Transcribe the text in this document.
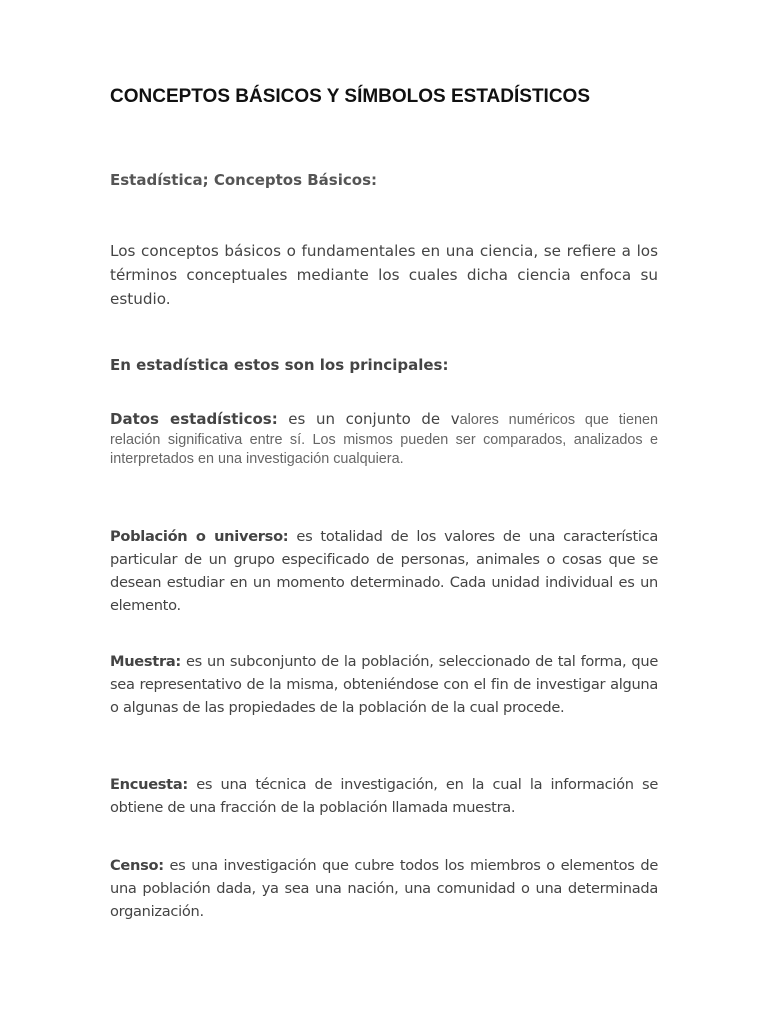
CONCEPTOS BÁSICOS Y SÍMBOLOS ESTADÍSTICOS
Estadística; Conceptos Básicos:

Los conceptos básicos o fundamentales en una ciencia, se refiere a los términos conceptuales mediante los cuales dicha ciencia enfoca su estudio.

En estadística estos son los principales:

Datos estadísticos: es un conjunto de valores numéricos que tienen relación significativa entre sí. Los mismos pueden ser comparados, analizados e interpretados en una investigación cualquiera.

Población o universo: es totalidad de los valores de una característica particular de un grupo especificado de personas, animales o cosas que se desean estudiar en un momento determinado. Cada unidad individual es un elemento.

Muestra: es un subconjunto de la población, seleccionado de tal forma, que sea representativo de la misma, obteniéndose con el fin de investigar alguna o algunas de las propiedades de la población de la cual procede.

Encuesta: es una técnica de investigación, en la cual la información se obtiene de una fracción de la población llamada muestra.

Censo: es una investigación que cubre todos los miembros o elementos de una población dada, ya sea una nación, una comunidad o una determinada organización.
